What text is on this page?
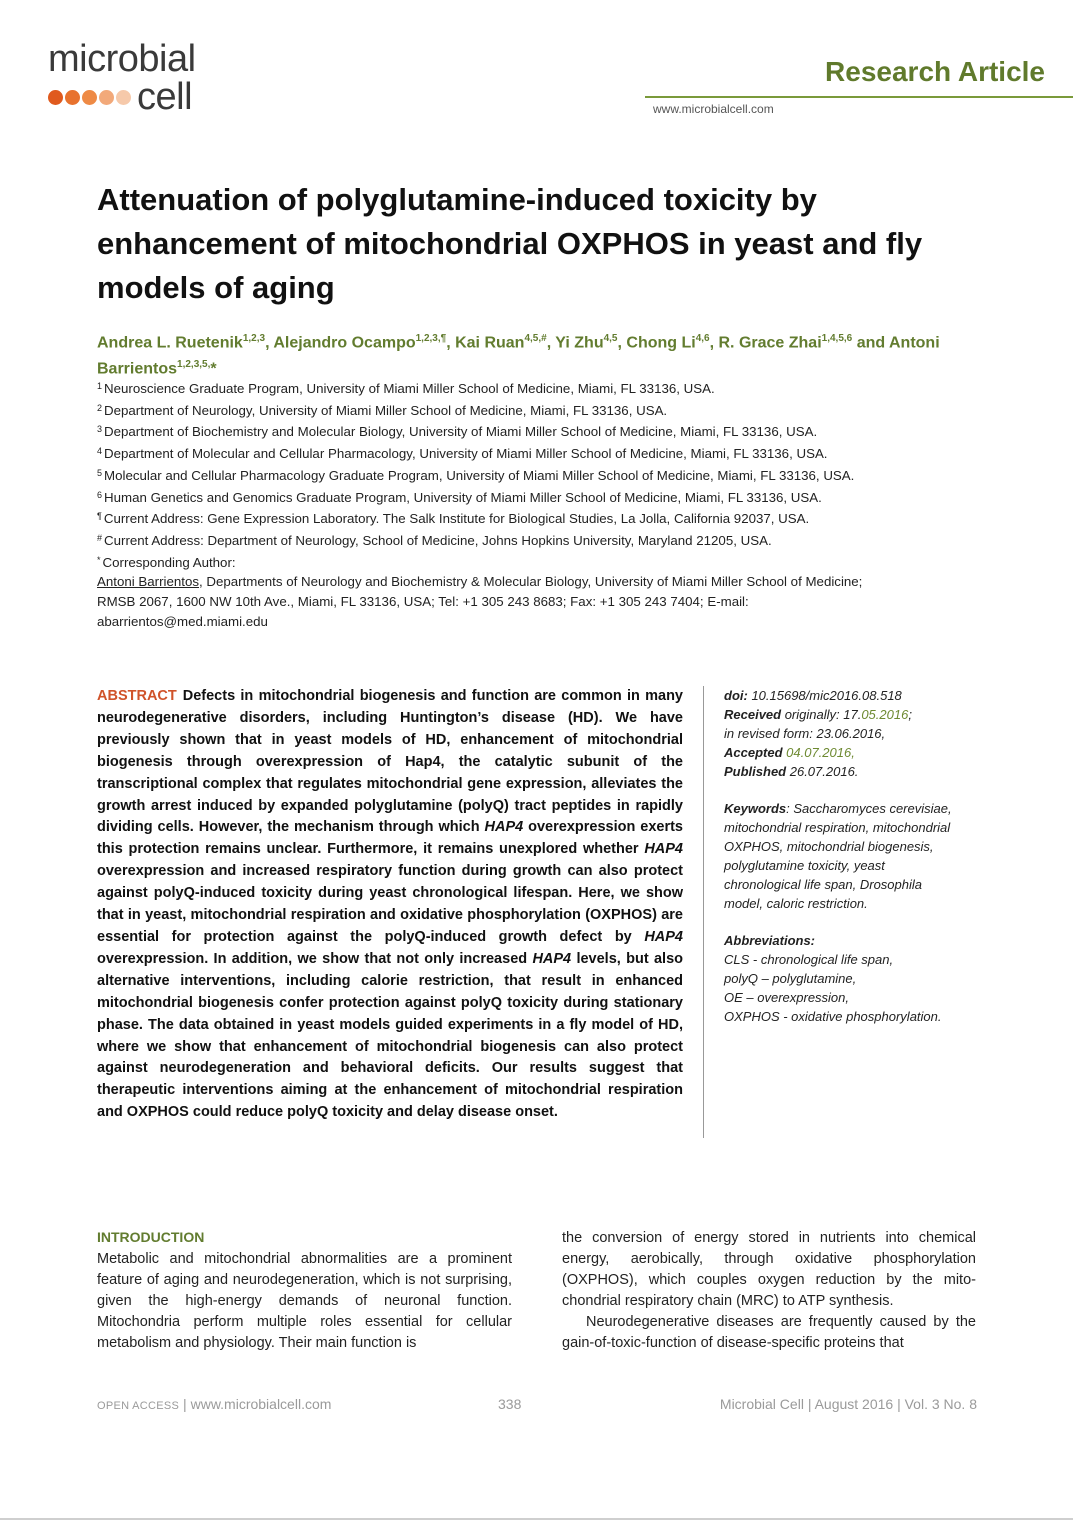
microbial
cell
Research Article
www.microbialcell.com
Attenuation of polyglutamine-induced toxicity by enhancement of mitochondrial OXPHOS in yeast and fly models of aging
Andrea L. Ruetenik$^{1,2,3}$, Alejandro Ocampo$^{1,2,3,\P}$, Kai Ruan$^{4,5,\#}$, Yi Zhu$^{4,5}$, Chong Li$^{4,6}$, R. Grace Zhai$^{1,4,5,6}$ and Antoni Barrientos$^{1,2,3,5,}$*
$^1$ Neuroscience Graduate Program, University of Miami Miller School of Medicine, Miami, FL 33136, USA.
$^2$ Department of Neurology, University of Miami Miller School of Medicine, Miami, FL 33136, USA.
$^3$ Department of Biochemistry and Molecular Biology, University of Miami Miller School of Medicine, Miami, FL 33136, USA.
$^4$ Department of Molecular and Cellular Pharmacology, University of Miami Miller School of Medicine, Miami, FL 33136, USA.
$^5$ Molecular and Cellular Pharmacology Graduate Program, University of Miami Miller School of Medicine, Miami, FL 33136, USA.
$^6$ Human Genetics and Genomics Graduate Program, University of Miami Miller School of Medicine, Miami, FL 33136, USA.
¶ Current Address: Gene Expression Laboratory. The Salk Institute for Biological Studies, La Jolla, California 92037, USA.
# Current Address: Department of Neurology, School of Medicine, Johns Hopkins University, Maryland 21205, USA.
* Corresponding Author:
Antoni Barrientos, Departments of Neurology and Biochemistry & Molecular Biology, University of Miami Miller School of Medicine;
RMSB 2067, 1600 NW 10th Ave., Miami, FL 33136, USA; Tel: +1 305 243 8683; Fax: +1 305 243 7404; E-mail:
abarrientos@med.miami.edu
ABSTRACT Defects in mitochondrial biogenesis and function are common in many neurodegenerative disorders, including Huntington’s disease (HD). We have previously shown that in yeast models of HD, enhancement of mitochondrial biogenesis through overexpression of Hap4, the catalytic subunit of the transcriptional complex that regulates mitochondrial gene expression, alleviates the growth arrest induced by expanded polyglutamine (polyQ) tract peptides in rapidly dividing cells. However, the mechanism through which HAP4 overexpression exerts this protection remains unclear. Furthermore, it remains unexplored whether HAP4 overexpression and increased respiratory function during growth can also protect against polyQ-induced toxicity during yeast chronological lifespan. Here, we show that in yeast, mitochondrial respiration and oxidative phosphorylation (OXPHOS) are essential for protection against the polyQ-induced growth defect by HAP4 overexpression. In addition, we show that not only increased HAP4 levels, but also alternative interventions, including calorie restriction, that result in enhanced mitochondrial biogenesis confer protection against polyQ toxicity during stationary phase. The data obtained in yeast models guided experiments in a fly model of HD, where we show that enhancement of mitochondrial biogenesis can also protect against neurodegeneration and behavioral deficits. Our results suggest that therapeutic interventions aiming at the enhancement of mitochondrial respiration and OXPHOS could reduce polyQ toxicity and delay disease onset.
doi: 10.15698/mic2016.08.518
Received originally: 17.05.2016;
in revised form: 23.06.2016,
Accepted 04.07.2016,
Published 26.07.2016.
Keywords: Saccharomyces cerevisiae, mitochondrial respiration, mitochondrial OXPHOS, mitochondrial biogenesis, polyglutamine toxicity, yeast chronological life span, Drosophila model, caloric restriction.
Abbreviations:
CLS - chronological life span,
polyQ – polyglutamine,
OE – overexpression,
OXPHOS - oxidative phosphorylation.
INTRODUCTION
Metabolic and mitochondrial abnormalities are a prominent feature of aging and neurodegeneration, which is not surprising, given the high-energy demands of neuronal function. Mitochondria perform multiple roles essential for cellular metabolism and physiology. Their main function is

the conversion of energy stored in nutrients into chemical energy, aerobically, through oxidative phosphorylation (OXPHOS), which couples oxygen reduction by the mitochondrial respiratory chain (MRC) to ATP synthesis.

Neurodegenerative diseases are frequently caused by the gain-of-toxic-function of disease-specific proteins that

OPEN ACCESS | www.microbialcell.com	338	Microbial Cell | August 2016 | Vol. 3 No. 8
